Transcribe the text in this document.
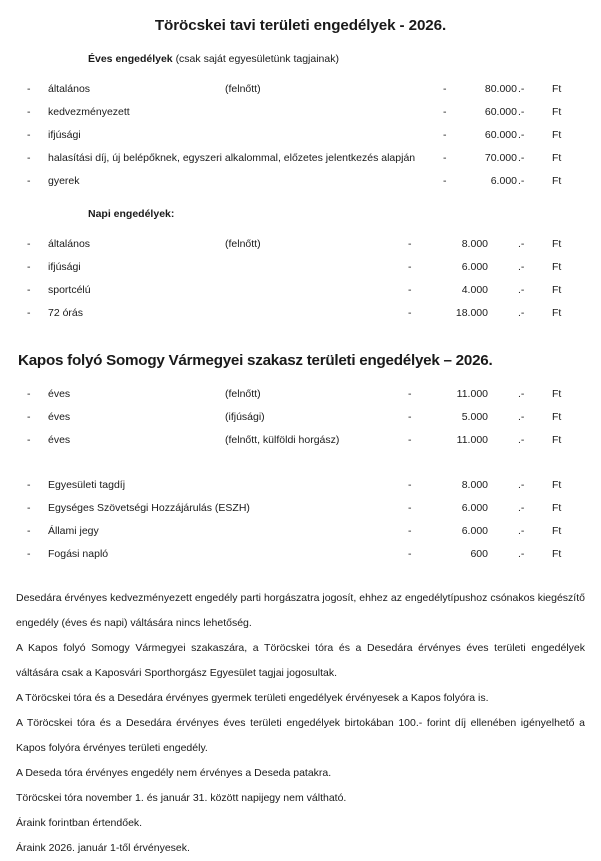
Töröcskei tavi területi engedélyek - 2026.

Éves engedélyek (csak saját egyesületünk tagjainak)

- általános	(felnőtt)	-	80.000 .-	Ft
- kedvezményezett	-	60.000 .-	Ft
- ifjúsági	-	60.000 .-	Ft
- halasítási díj, új belépőknek, egyszeri alkalommal, előzetes jelentkezés alapján	-	70.000 .-	Ft
- gyerek	-	6.000 .-	Ft

Napi engedélyek:

- általános	(felnőtt)	-	8.000	.-	Ft
- ifjúsági	-	6.000	.-	Ft
- sportcélú	-	4.000	.-	Ft
- 72 órás	-	18.000	.-	Ft
Kapos folyó Somogy Vármegyei szakasz területi engedélyek – 2026.
- éves	(felnőtt)	-	11.000	.-	Ft
- éves	(ifjúsági)	-	5.000	.-	Ft
- éves	(felnőtt, külföldi horgász)	-	11.000	.-	Ft
- Egyesületi tagdíj	-	8.000	.-	Ft
- Egységes Szövetségi Hozzájárulás (ESZH)	-	6.000	.-	Ft
- Állami jegy	-	6.000	.-	Ft
- Fogási napló	-	600	.-	Ft

Desedára érvényes kedvezményezett engedély parti horgászatra jogosít, ehhez az engedélytípushoz csónakos kiegészítő engedély (éves és napi) váltására nincs lehetőség.

A Kapos folyó Somogy Vármegyei szakaszára, a Töröcskei tóra és a Desedára érvényes éves területi engedélyek váltására csak a Kaposvári Sporthorgász Egyesület tagjai jogosultak.

A Töröcskei tóra és a Desedára érvényes gyermek területi engedélyek érvényesek a Kapos folyóra is.

A Töröcskei tóra és a Desedára érvényes éves területi engedélyek birtokában 100.- forint díj ellenében igényelhető a Kapos folyóra érvényes területi engedély.

A Deseda tóra érvényes engedély nem érvényes a Deseda patakra.

Töröcskei tóra november 1. és január 31. között napijegy nem váltható.

Áraink forintban értendőek.

Áraink 2026. január 1-től érvényesek.
